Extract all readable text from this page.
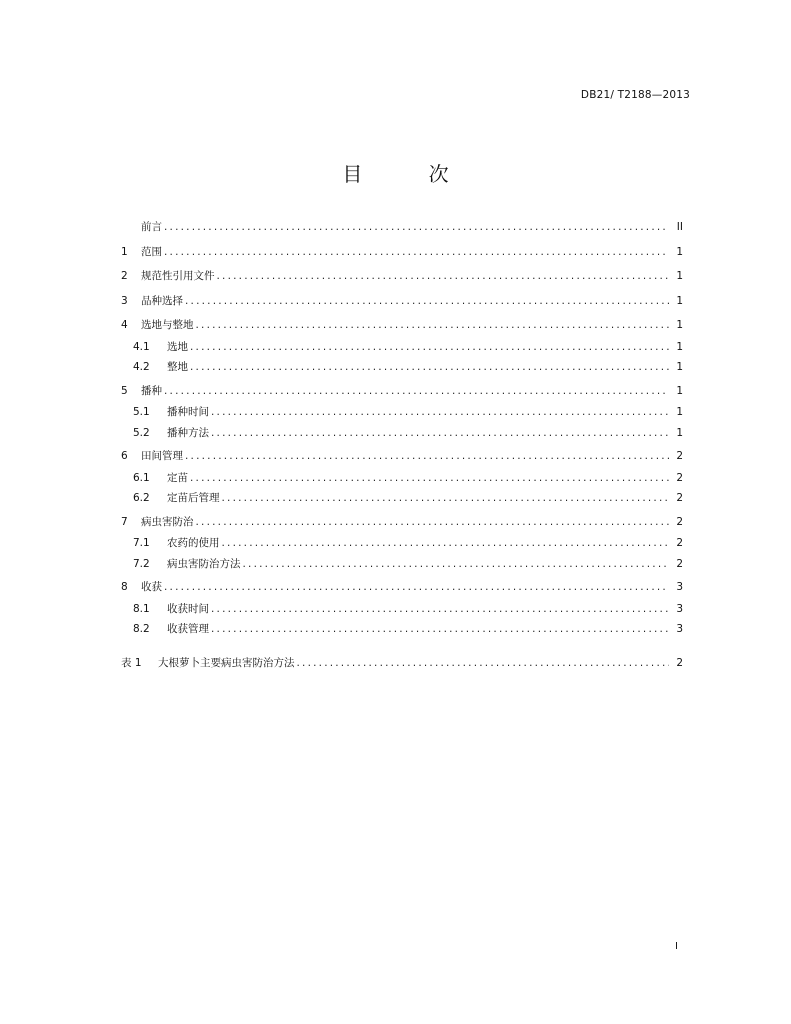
DB21/ T2188—2013
目 次
前言 .....	II
1	范围 .....	1
2	规范性引用文件 .....	1
3	品种选择 .....	1
4	选地与整地 .....	1
4.1	选地 .....	1
4.2	整地 .....	1
5	播种 .....	1
5.1	播种时间 .....	1
5.2	播种方法 .....	1
6	田间管理 .....	2
6.1	定苗 .....	2
6.2	定苗后管理 .....	2
7	病虫害防治 .....	2
7.1	农药的使用 .....	2
7.2	病虫害防治方法 .....	2
8	收获 .....	3
8.1	收获时间 .....	3
8.2	收获管理 .....	3
表 1	大根萝卜主要病虫害防治方法 .....	2
I
